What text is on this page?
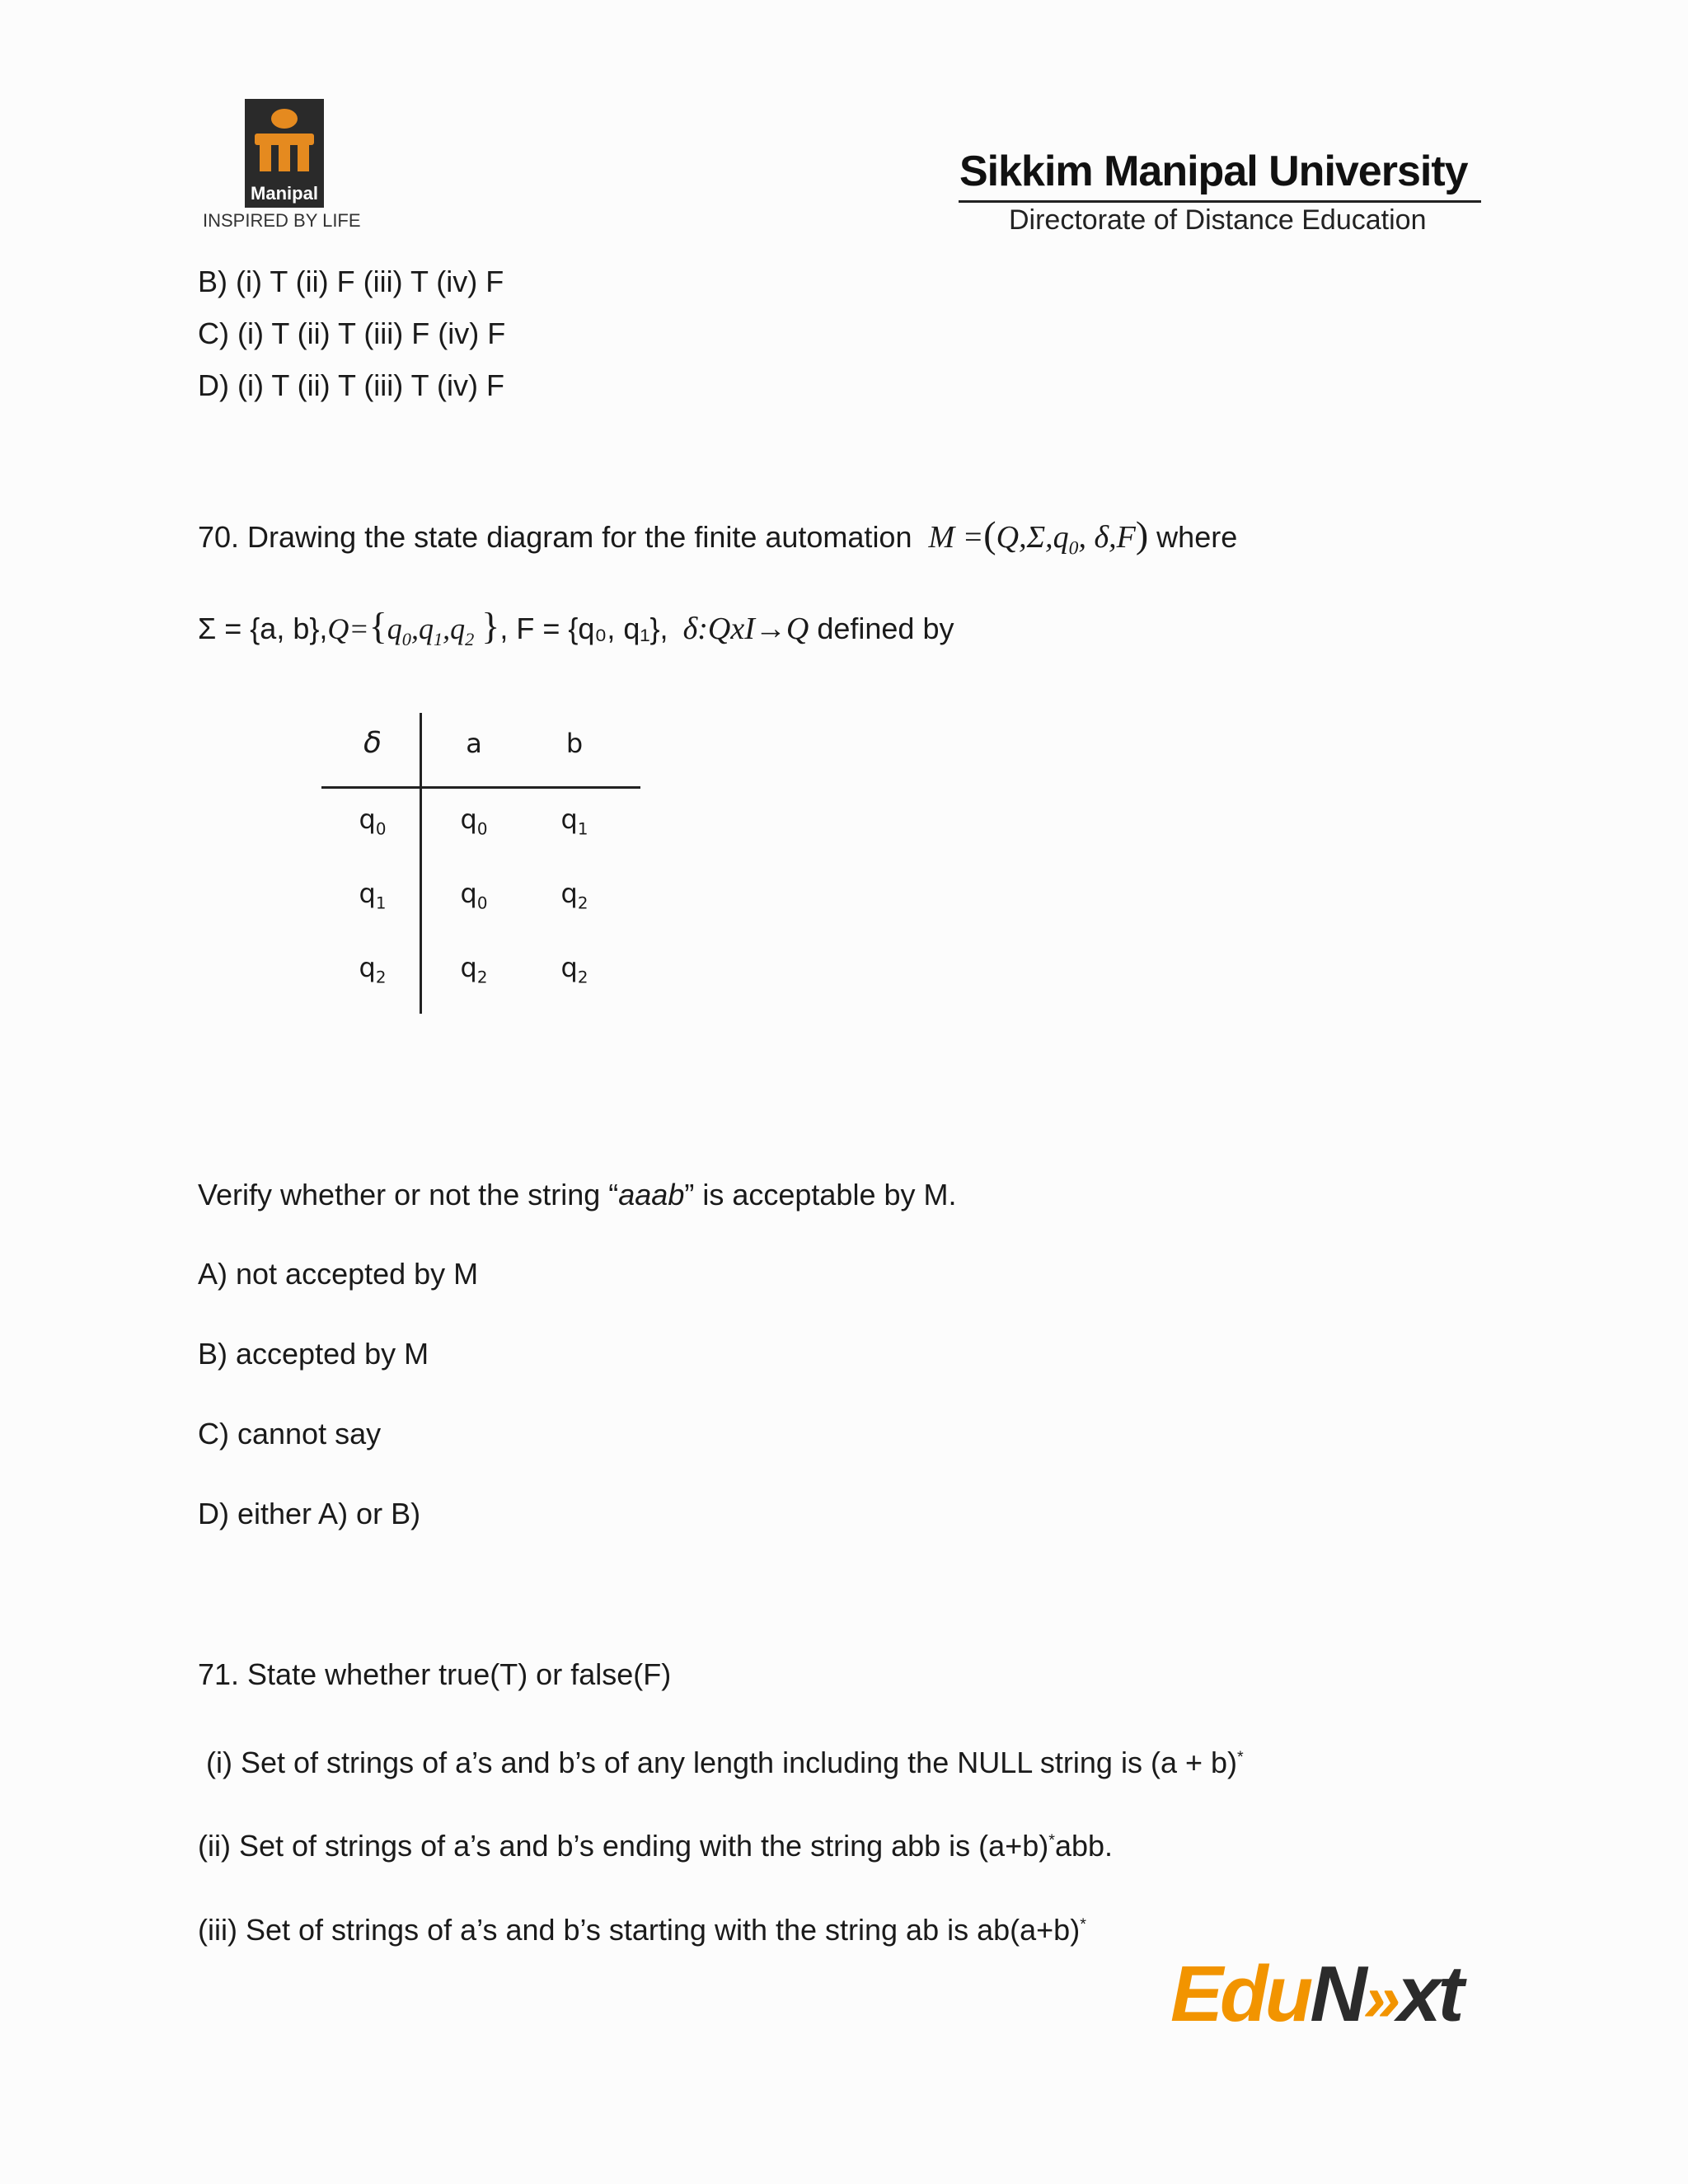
Manipal
INSPIRED BY LIFE
Sikkim Manipal University
Directorate of Distance Education
B) (i) T (ii) F (iii) T (iv) F
C) (i) T (ii) T (iii) F (iv) F
D) (i) T (ii) T (iii) T (iv) F
70. Drawing the state diagram for the finite automation $M =(Q,\Sigma,q_0$, δ,F) where
Σ = {a, $b\},Q=\{q_0,q_1,q_2$ }, F = {q₀, q₁}, δ:QxI→Q defined by
δ	a	b
$q_0$	$q_0$	$q_1$
$q_1$	$q_0$	$q_2$
$q_2$	$q_2$	$q_2$
Verify whether or not the string “aaab” is acceptable by M.
A) not accepted by M
B) accepted by M
C) cannot say
D) either A) or B)
71. State whether true(T) or false(F)
(i) Set of strings of a’s and b’s of any length including the NULL string is (a + b)*
(ii) Set of strings of a’s and b’s ending with the string abb is (a+b)*abb.
(iii) Set of strings of a’s and b’s starting with the string ab is ab(a+b)*
EduN»xt
